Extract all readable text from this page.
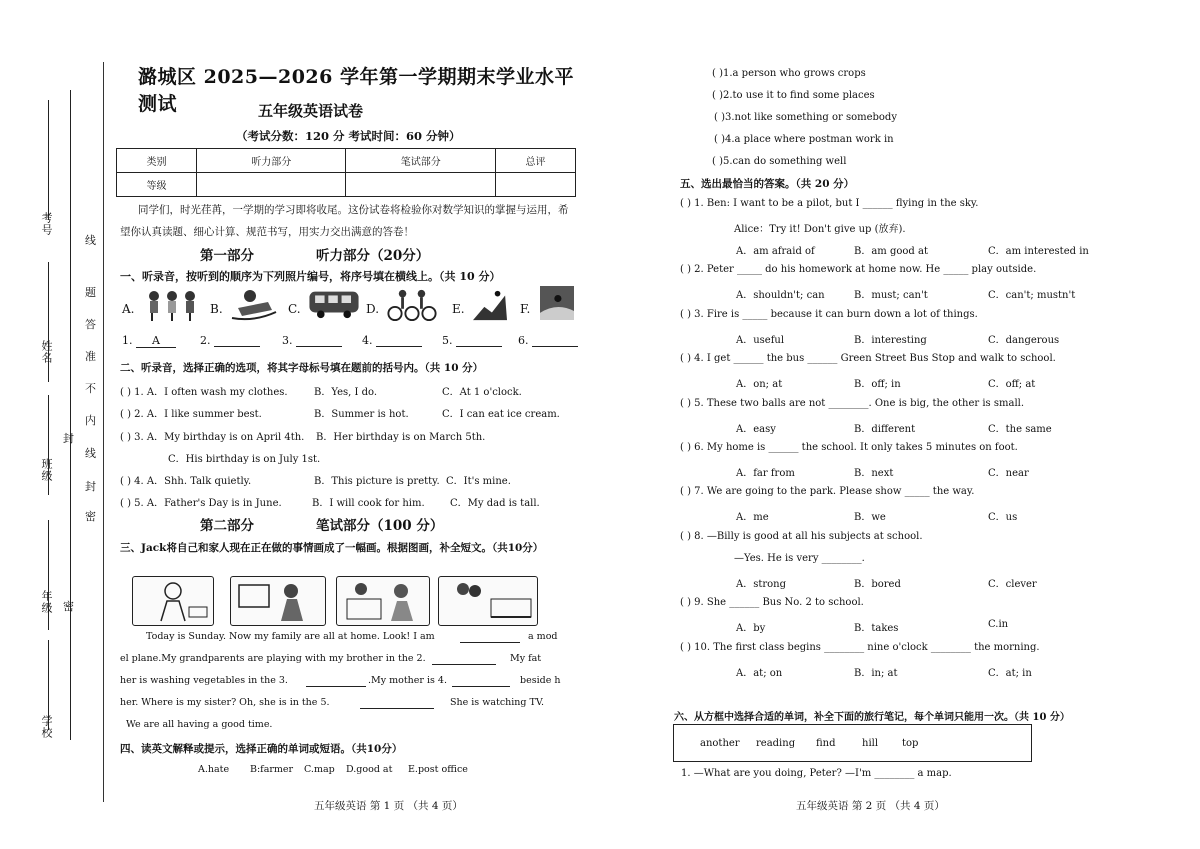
考号
姓名
班级
年级
学校
线
题
答
准
不
内
封
线
封
密
密
潞城区 2025—2026 学年第一学期期末学业水平测试	五年级英语试卷
（考试分数：120 分 考试时间：60 分钟）
类别	听力部分	笔试部分	总评
等级			
同学们，时光荏苒，一学期的学习即将收尾。这份试卷将检验你对数学知识的掌握与运用，希
望你认真读题、细心计算、规范书写，用实力交出满意的答卷！
第一部分	听力部分（20分）
一、听录音，按听到的顺序为下列照片编号，将序号填在横线上。（共 10 分）
A.	B.	C.	D.	E.	F.
1.	A	2.	3.	4.	5.	6.
二、听录音，选择正确的选项，将其字母标号填在题前的括号内。（共 10 分）
( ) 1. A．I often wash my clothes.	B．Yes, I do.	C．At 1 o'clock.
( ) 2. A．I like summer best.	B．Summer is hot.	C．I can eat ice cream.
( ) 3. A．My birthday is on April 4th. B．Her birthday is on March 5th.
C．His birthday is on July 1st.
( ) 4. A．Shh. Talk quietly.	B．This picture is pretty. C．It's mine.
( ) 5. A．Father's Day is in June.	B．I will cook for him.	C．My dad is tall.
第二部分	笔试部分（100 分）
三、Jack将自己和家人现在正在做的事情画成了一幅画。根据图画，补全短文。（共10分）
Today is Sunday. Now my family are all at home. Look! I am	a mod
el plane.My grandparents are playing with my brother in the 2.	My fat
her is washing vegetables in the 3.	.My mother is 4.	beside h
her. Where is my sister? Oh, she is in the 5.	She is watching TV.
We are all having a good time.
四、读英文解释或提示，选择正确的单词或短语。（共10分）
A.hate B:farmer C.map D.good at E.post office
五年级英语 第 1 页 （共 4 页）
( )1.a person who grows crops
( )2.to use it to find some places
( )3.not like something or somebody
( )4.a place where postman work in
( )5.can do something well
五、选出最恰当的答案。（共 20 分）
( ) 1. Ben: I want to be a pilot, but I ______ flying in the sky.
Alice：Try it! Don't give up (放弃).
A．am afraid of	B．am good at	C．am interested in
( ) 2. Peter _____ do his homework at home now. He _____ play outside.
A．shouldn't; can	B．must; can't	C．can't; mustn't
( ) 3. Fire is _____ because it can burn down a lot of things.
A．useful	B．interesting	C．dangerous
( ) 4. I get ______ the bus ______ Green Street Bus Stop and walk to school.
A．on; at	B．off; in	C．off; at
( ) 5. These two balls are not ________. One is big, the other is small.
A．easy	B．different	C．the same
( ) 6. My home is ______ the school. It only takes 5 minutes on foot.
A．far from	B．next	C．near
( ) 7. We are going to the park. Please show _____ the way.
A．me	B．we	C．us
( ) 8. —Billy is good at all his subjects at school.
—Yes. He is very ________.
A．strong	B．bored	C．clever
( ) 9. She ______ Bus No. 2 to school.
A．by	B．takes	C.in
( ) 10. The first class begins ________ nine o'clock ________ the morning.
A．at; on	B．in; at	C．at; in
六、从方框中选择合适的单词，补全下面的旅行笔记，每个单词只能用一次。（共 10 分）
五年级英语 第 2 页 （共 4 页）
another reading find	hill top
1. —What are you doing, Peter? —I'm ________ a map.
